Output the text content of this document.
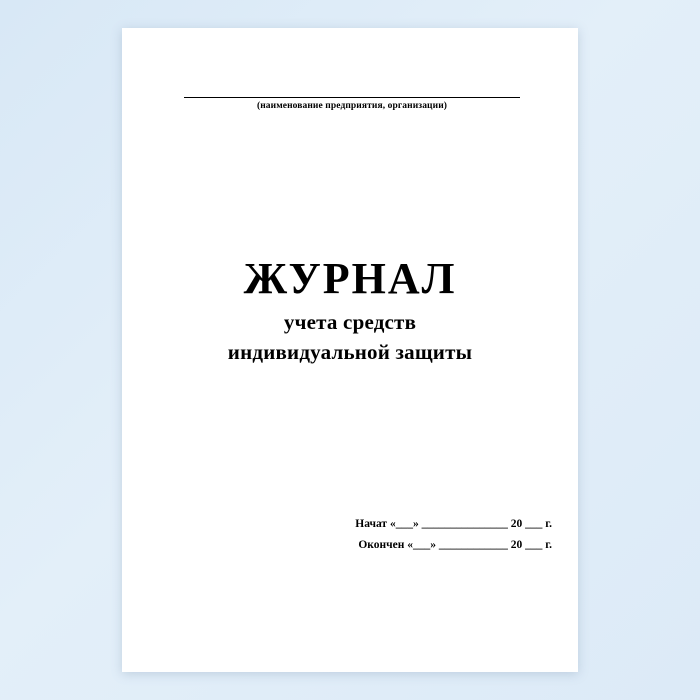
(наименование предприятия, организации)
ЖУРНАЛ
учета средств
индивидуальной защиты
Начат «___» _______________ 20 ___ г.
Окончен «___» ____________ 20 ___ г.
